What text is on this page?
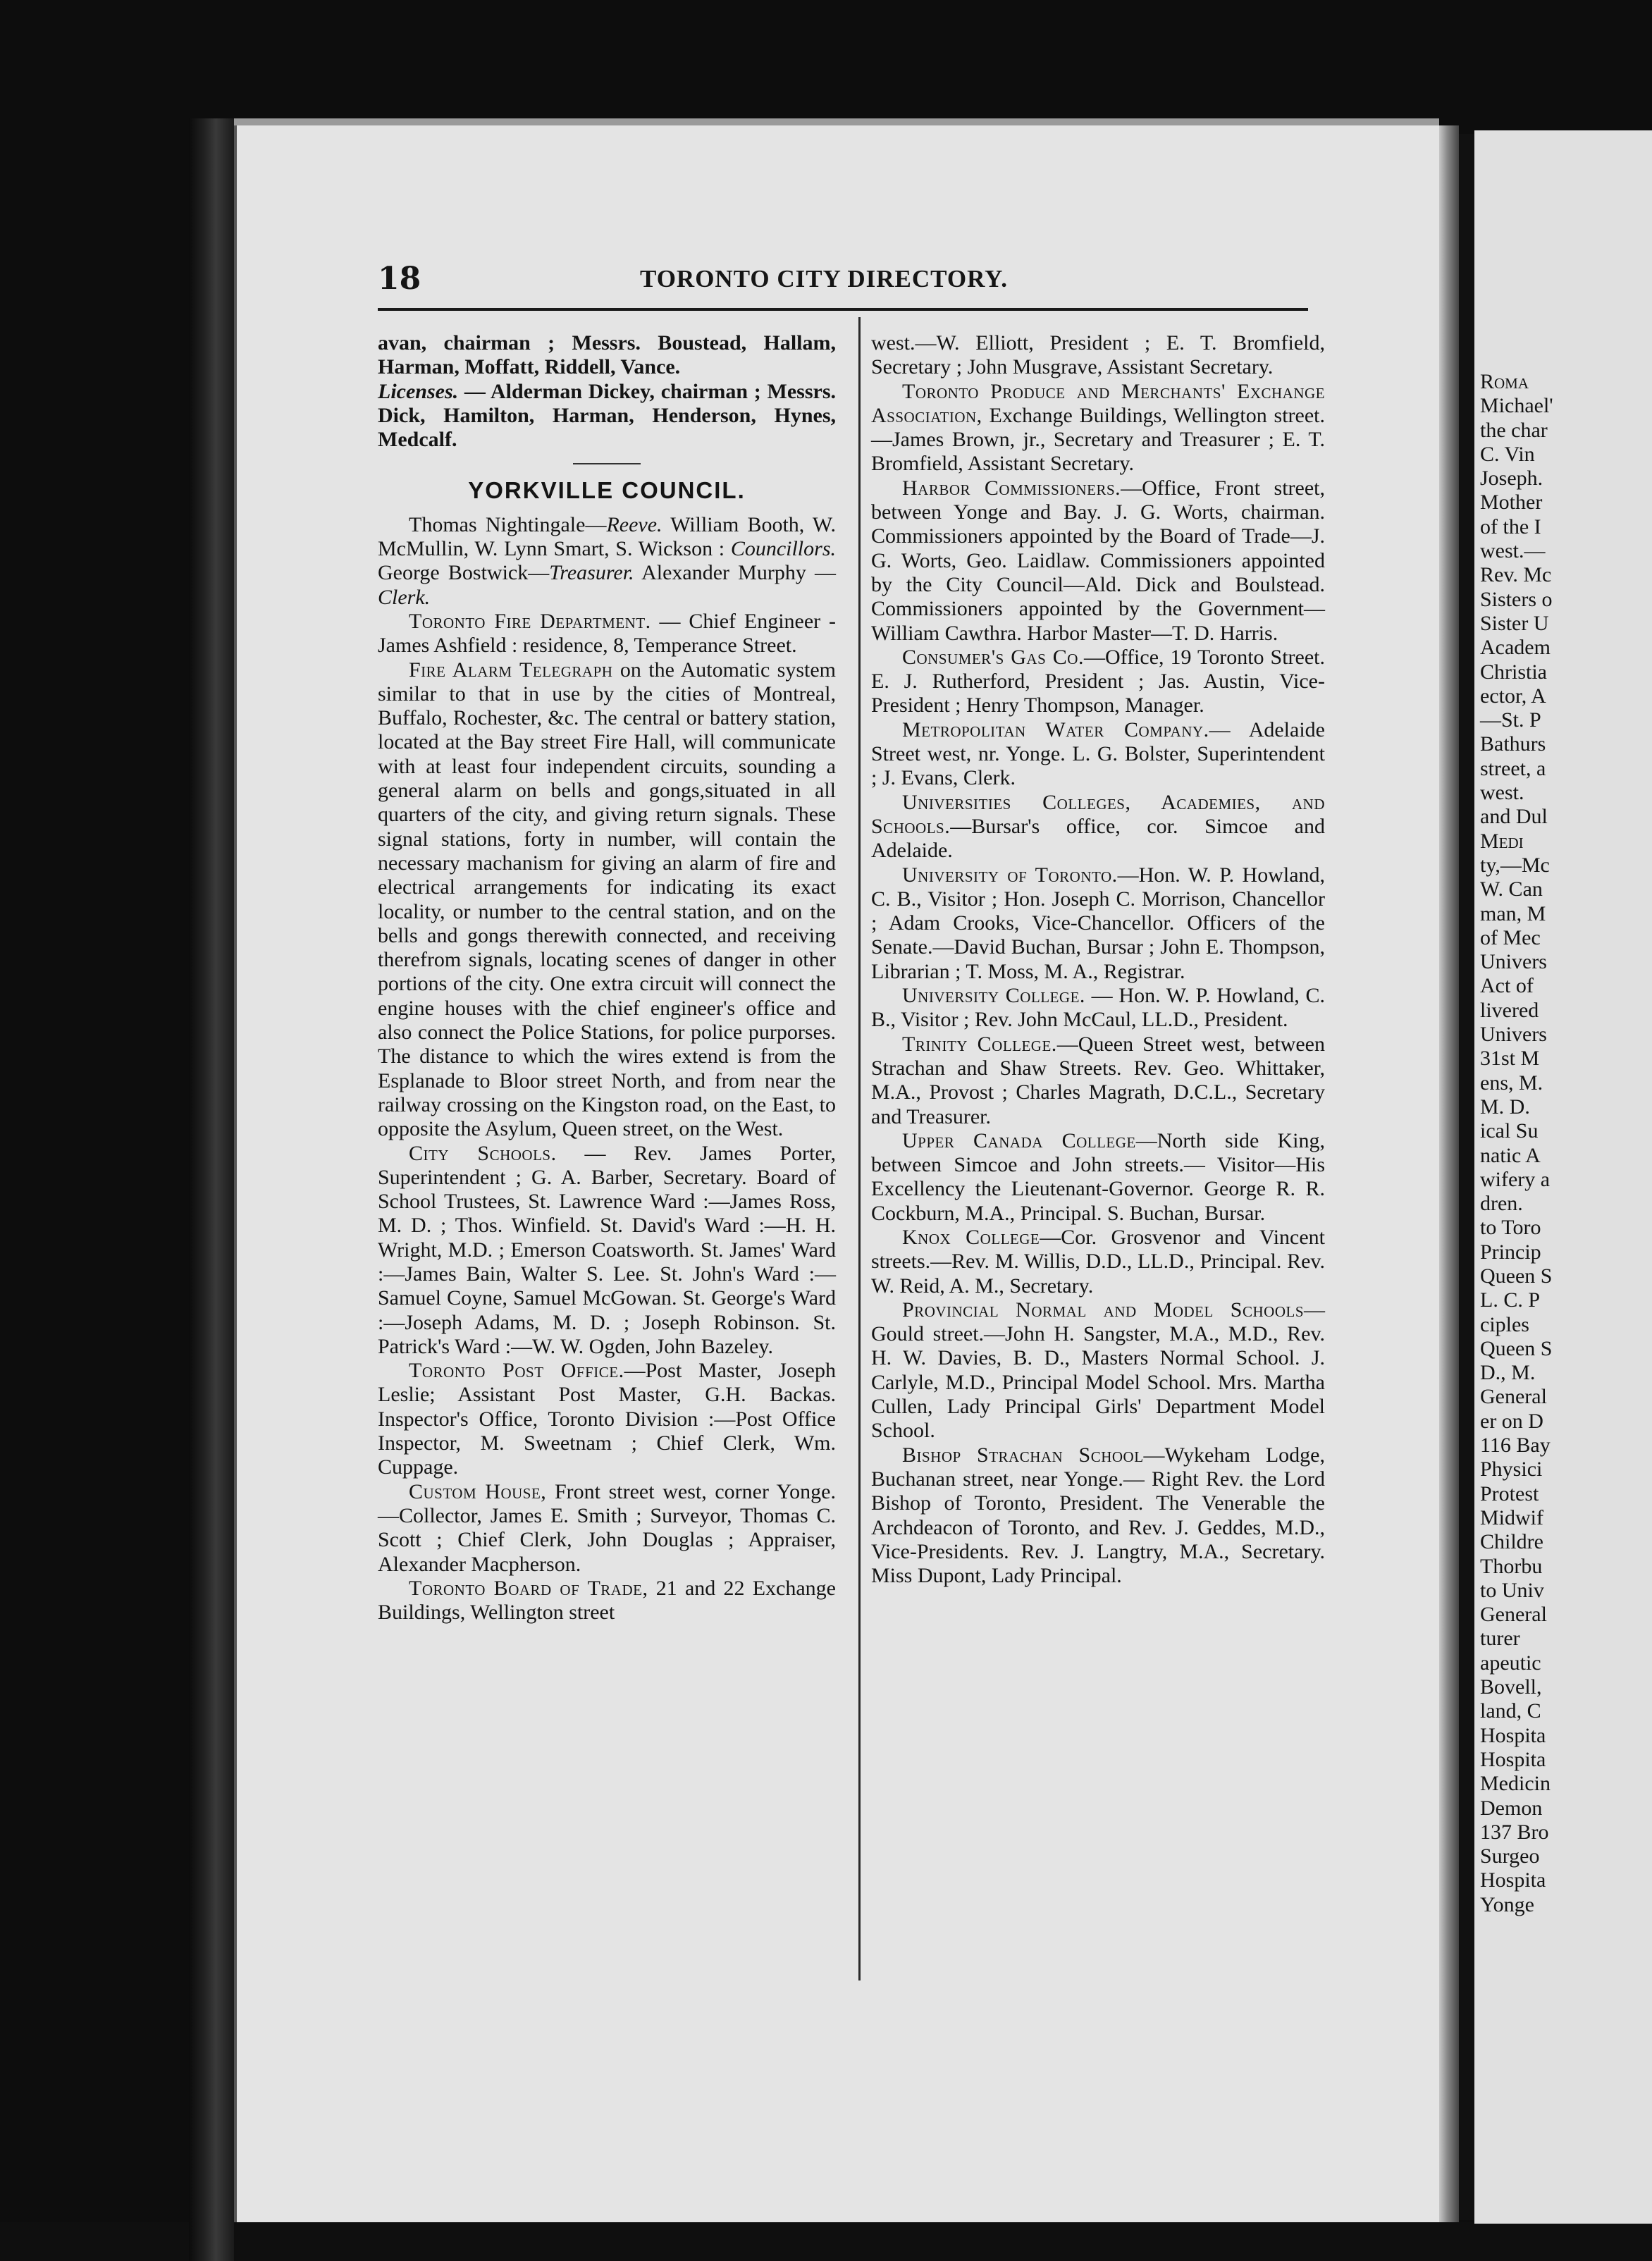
18	TORONTO CITY DIRECTORY.

avan, chairman ; Messrs. Boustead, Hallam, Harman, Moffatt, Riddell, Vance.

Licenses. — Alderman Dickey, chairman ; Messrs. Dick, Hamilton, Harman, Henderson, Hynes, Medcalf.

YORKVILLE COUNCIL.

Thomas Nightingale—Reeve. William Booth, W. McMullin, W. Lynn Smart, S. Wickson : Councillors. George Bostwick—Treasurer. Alexander Murphy — Clerk.

Toronto Fire Department. — Chief Engineer - James Ashfield : residence, 8, Temperance Street.

Fire Alarm Telegraph on the Automatic system similar to that in use by the cities of Montreal, Buffalo, Rochester, &c. The central or battery station, located at the Bay street Fire Hall, will communicate with at least four independent circuits, sounding a general alarm on bells and gongs,situated in all quarters of the city, and giving return signals. These signal stations, forty in number, will contain the necessary machanism for giving an alarm of fire and electrical arrangements for indicating its exact locality, or number to the central station, and on the bells and gongs therewith connected, and receiving therefrom signals, locating scenes of danger in other portions of the city. One extra circuit will connect the engine houses with the chief engineer's office and also connect the Police Stations, for police purporses. The distance to which the wires extend is from the Esplanade to Bloor street North, and from near the railway crossing on the Kingston road, on the East, to opposite the Asylum, Queen street, on the West.

City Schools. — Rev. James Porter, Superintendent ; G. A. Barber, Secretary. Board of School Trustees, St. Lawrence Ward :—James Ross, M. D. ; Thos. Winfield. St. David's Ward :—H. H. Wright, M.D. ; Emerson Coatsworth. St. James' Ward :—James Bain, Walter S. Lee. St. John's Ward :—Samuel Coyne, Samuel McGowan. St. George's Ward :—Joseph Adams, M. D. ; Joseph Robinson. St. Patrick's Ward :—W. W. Ogden, John Bazeley.

Toronto Post Office.—Post Master, Joseph Leslie; Assistant Post Master, G.H. Backas. Inspector's Office, Toronto Division :—Post Office Inspector, M. Sweetnam ; Chief Clerk, Wm. Cuppage.

Custom House, Front street west, corner Yonge.—Collector, James E. Smith ; Surveyor, Thomas C. Scott ; Chief Clerk, John Douglas ; Appraiser, Alexander Macpherson.

Toronto Board of Trade, 21 and 22 Exchange Buildings, Wellington street

west.—W. Elliott, President ; E. T. Bromfield, Secretary ; John Musgrave, Assistant Secretary.

Toronto Produce and Merchants' Exchange Association, Exchange Buildings, Wellington street.—James Brown, jr., Secretary and Treasurer ; E. T. Bromfield, Assistant Secretary.

Harbor Commissioners.—Office, Front street, between Yonge and Bay. J. G. Worts, chairman. Commissioners appointed by the Board of Trade—J. G. Worts, Geo. Laidlaw. Commissioners appointed by the City Council—Ald. Dick and Boulstead. Commissioners appointed by the Government—William Cawthra. Harbor Master—T. D. Harris.

Consumer's Gas Co.—Office, 19 Toronto Street. E. J. Rutherford, President ; Jas. Austin, Vice-President ; Henry Thompson, Manager.

Metropolitan Water Company.— Adelaide Street west, nr. Yonge. L. G. Bolster, Superintendent ; J. Evans, Clerk.

Universities Colleges, Academies, and Schools.—Bursar's office, cor. Simcoe and Adelaide.

University of Toronto.—Hon. W. P. Howland, C. B., Visitor ; Hon. Joseph C. Morrison, Chancellor ; Adam Crooks, Vice-Chancellor. Officers of the Senate.—David Buchan, Bursar ; John E. Thompson, Librarian ; T. Moss, M. A., Registrar.

University College. — Hon. W. P. Howland, C. B., Visitor ; Rev. John McCaul, LL.D., President.

Trinity College.—Queen Street west, between Strachan and Shaw Streets. Rev. Geo. Whittaker, M.A., Provost ; Charles Magrath, D.C.L., Secretary and Treasurer.

Upper Canada College—North side King, between Simcoe and John streets.— Visitor—His Excellency the Lieutenant-Governor. George R. R. Cockburn, M.A., Principal. S. Buchan, Bursar.

Knox College—Cor. Grosvenor and Vincent streets.—Rev. M. Willis, D.D., LL.D., Principal. Rev. W. Reid, A. M., Secretary.

Provincial Normal and Model Schools—Gould street.—John H. Sangster, M.A., M.D., Rev. H. W. Davies, B. D., Masters Normal School. J. Carlyle, M.D., Principal Model School. Mrs. Martha Cullen, Lady Principal Girls' Department Model School.

Bishop Strachan School—Wykeham Lodge, Buchanan street, near Yonge.— Right Rev. the Lord Bishop of Toronto, President. The Venerable the Archdeacon of Toronto, and Rev. J. Geddes, M.D., Vice-Presidents. Rev. J. Langtry, M.A., Secretary. Miss Dupont, Lady Principal.

Roma
Michael'
the char
C. Vin
Joseph.
Mother
of the I
west.—
Rev. Mc
Sisters o
Sister U
Academ
Christia
ector, A
—St. P
Bathurs
street, a
west.
and Dul
Medi
ty,—Mc
W. Can
man, M
of Mec
Univers
Act of
livered
Univers
31st M
ens, M.
M. D.
ical Su
natic A
wifery a
dren.
to Toro
Princip
Queen S
L. C. P
ciples
Queen S
D., M.
General
er on D
116 Bay
Physici
Protest
Midwif
Childre
Thorbu
to Univ
General
turer
apeutic
Bovell,
land, C
Hospita
Hospita
Medicin
Demon
137 Bro
Surgeo
Hospita
Yonge
